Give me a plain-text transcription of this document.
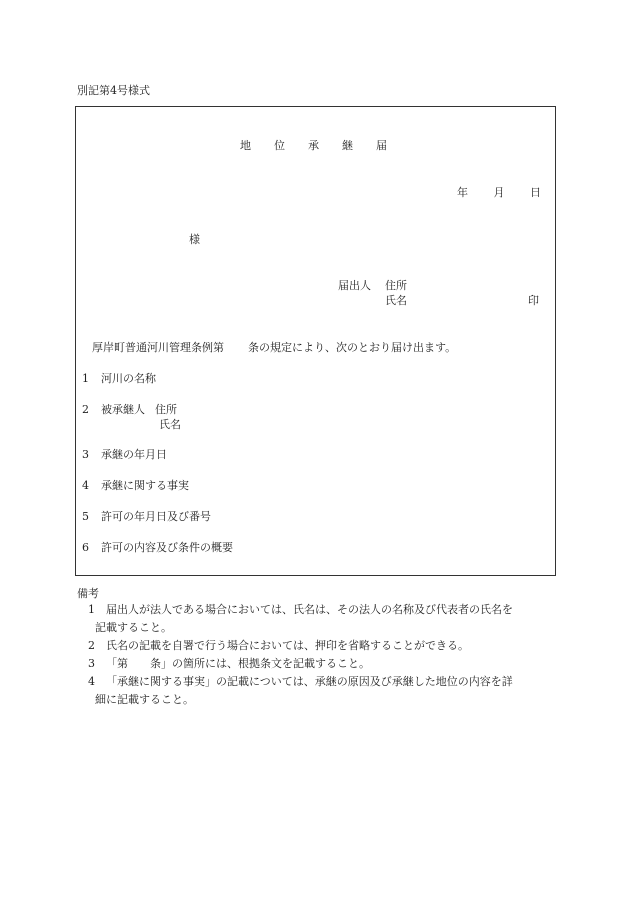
別記第4号様式
地　位　承　継　届
年 月 日
様
届出人 住所
氏名	印
厚岸町普通河川管理条例第 条の規定により、次のとおり届け出ます。
1 河川の名称
2 被承継人 住所
氏名
3 承継の年月日
4 承継に関する事実
5 許可の年月日及び番号
6 許可の内容及び条件の概要
備考
1 届出人が法人である場合においては、氏名は、その法人の名称及び代表者の氏名を
記載すること。
2 氏名の記載を自署で行う場合においては、押印を省略することができる。
3 「第　　条」の箇所には、根拠条文を記載すること。
4 「承継に関する事実」の記載については、承継の原因及び承継した地位の内容を詳
細に記載すること。
